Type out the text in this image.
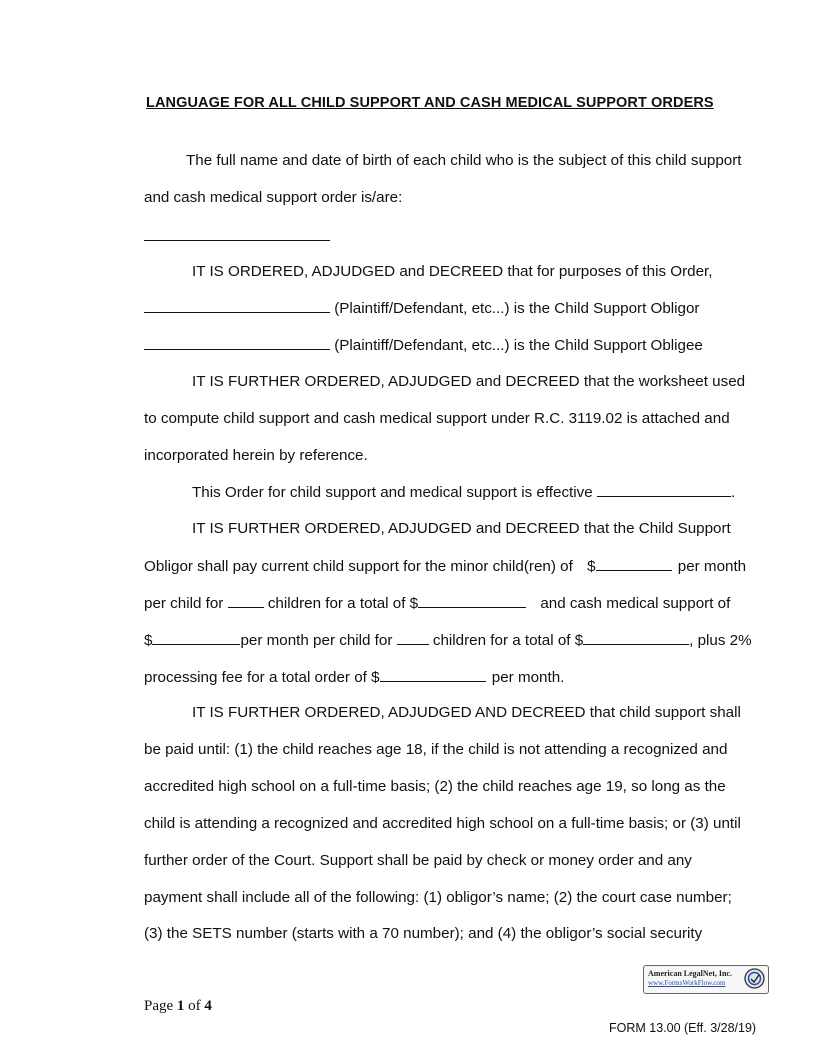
LANGUAGE FOR ALL CHILD SUPPORT AND CASH MEDICAL SUPPORT ORDERS
The full name and date of birth of each child who is the subject of this child support
and cash medical support order is/are:
IT IS ORDERED, ADJUDGED and DECREED that for purposes of this Order,
(Plaintiff/Defendant, etc...) is the Child Support Obligor
(Plaintiff/Defendant, etc...) is the Child Support Obligee
IT IS FURTHER ORDERED, ADJUDGED and DECREED that the worksheet used
to compute child support and cash medical support under R.C. 3119.02 is attached and
incorporated herein by reference.
This Order for child support and medical support is effective	.
IT IS FURTHER ORDERED, ADJUDGED and DECREED that the Child Support
Obligor shall pay current child support for the minor child(ren) of $	per month
per child for	children for a total of $	and cash medical support of
$	per month per child for	children for a total of $	, plus 2%
processing fee for a total order of $	per month.
IT IS FURTHER ORDERED, ADJUDGED AND DECREED that child support shall
be paid until: (1) the child reaches age 18, if the child is not attending a recognized and
accredited high school on a full-time basis; (2) the child reaches age 19, so long as the
child is attending a recognized and accredited high school on a full-time basis; or (3) until
further order of the Court. Support shall be paid by check or money order and any
payment shall include all of the following: (1) obligor’s name; (2) the court case number;
(3) the SETS number (starts with a 70 number); and (4) the obligor’s social security
American LegalNet, Inc.
www.FormsWorkFlow.com
Page 1 of 4
FORM 13.00 (Eff. 3/28/19)
